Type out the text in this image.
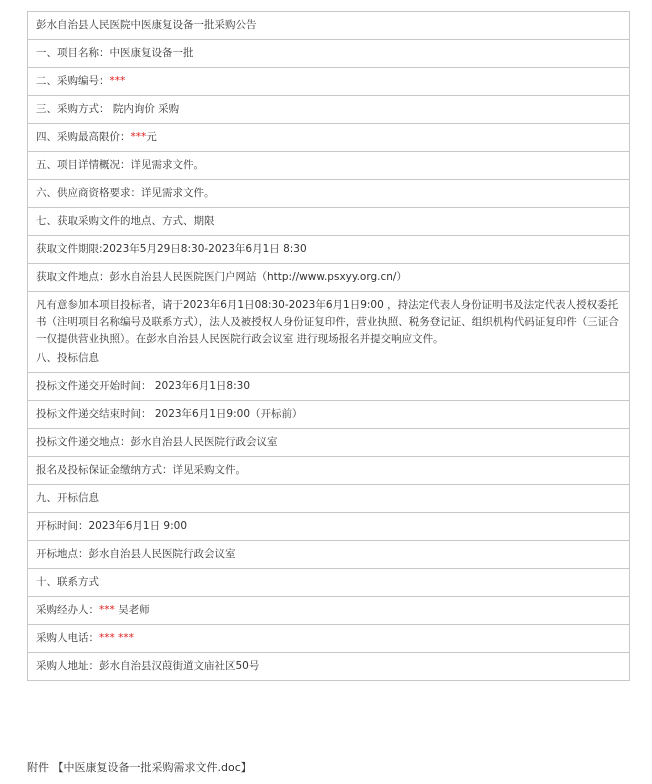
彭水自治县人民医院中医康复设备一批采购公告
一、项目名称：中医康复设备一批
二、采购编号：***
三、采购方式： 院内询价 采购
四、采购最高限价：***元
五、项目详情概况：详见需求文件。
六、供应商资格要求：详见需求文件。
七、获取采购文件的地点、方式、期限
获取文件期限:2023年5月29日8:30-2023年6月1日 8:30
获取文件地点：彭水自治县人民医院医门户网站（http://www.psxyy.org.cn/）

凡有意参加本项目投标者，请于2023年6月1日08:30-2023年6月1日9:00 ，持法定代表人身份证明书及法定代表人授权委托书（注明项目名称编号及联系方式），法人及被授权人身份证复印件，营业执照、税务登记证、组织机构代码证复印件（三证合一仅提供营业执照）。在彭水自治县人民医院行政会议室 进行现场报名并提交响应文件。
八、投标信息

投标文件递交开始时间： 2023年6月1日8:30
投标文件递交结束时间： 2023年6月1日9:00（开标前）
投标文件递交地点：彭水自治县人民医院行政会议室
报名及投标保证金缴纳方式：详见采购文件。
九、开标信息
开标时间：2023年6月1日 9:00
开标地点：彭水自治县人民医院行政会议室
十、联系方式
采购经办人：*** 吴老师
采购人电话：*** ***
采购人地址：彭水自治县汉葭街道文庙社区50号
附件 【中医康复设备一批采购需求文件.doc】
